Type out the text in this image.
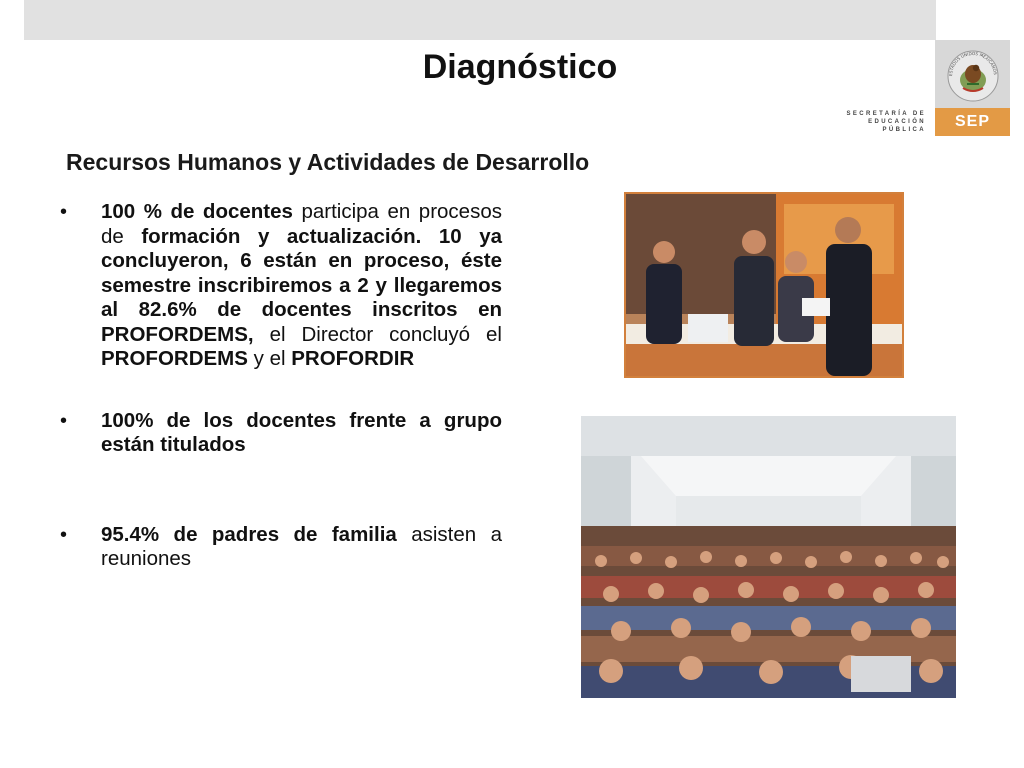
Diagnóstico	ESTADOS UNIDOS MEXICANOS
SEP
SECRETARÍA DE
EDUCACIÓN PÚBLICA
Recursos Humanos y Actividades de Desarrollo
• 100 % de docentes participa en procesos de formación y actualización. 10 ya concluyeron, 6 están en proceso, éste semestre inscribiremos a 2 y llegaremos al 82.6% de docentes inscritos en PROFORDEMS, el Director concluyó el PROFORDEMS y el PROFORDIR
• 100% de los docentes frente a grupo están titulados
• 95.4% de padres de familia asisten a reuniones
